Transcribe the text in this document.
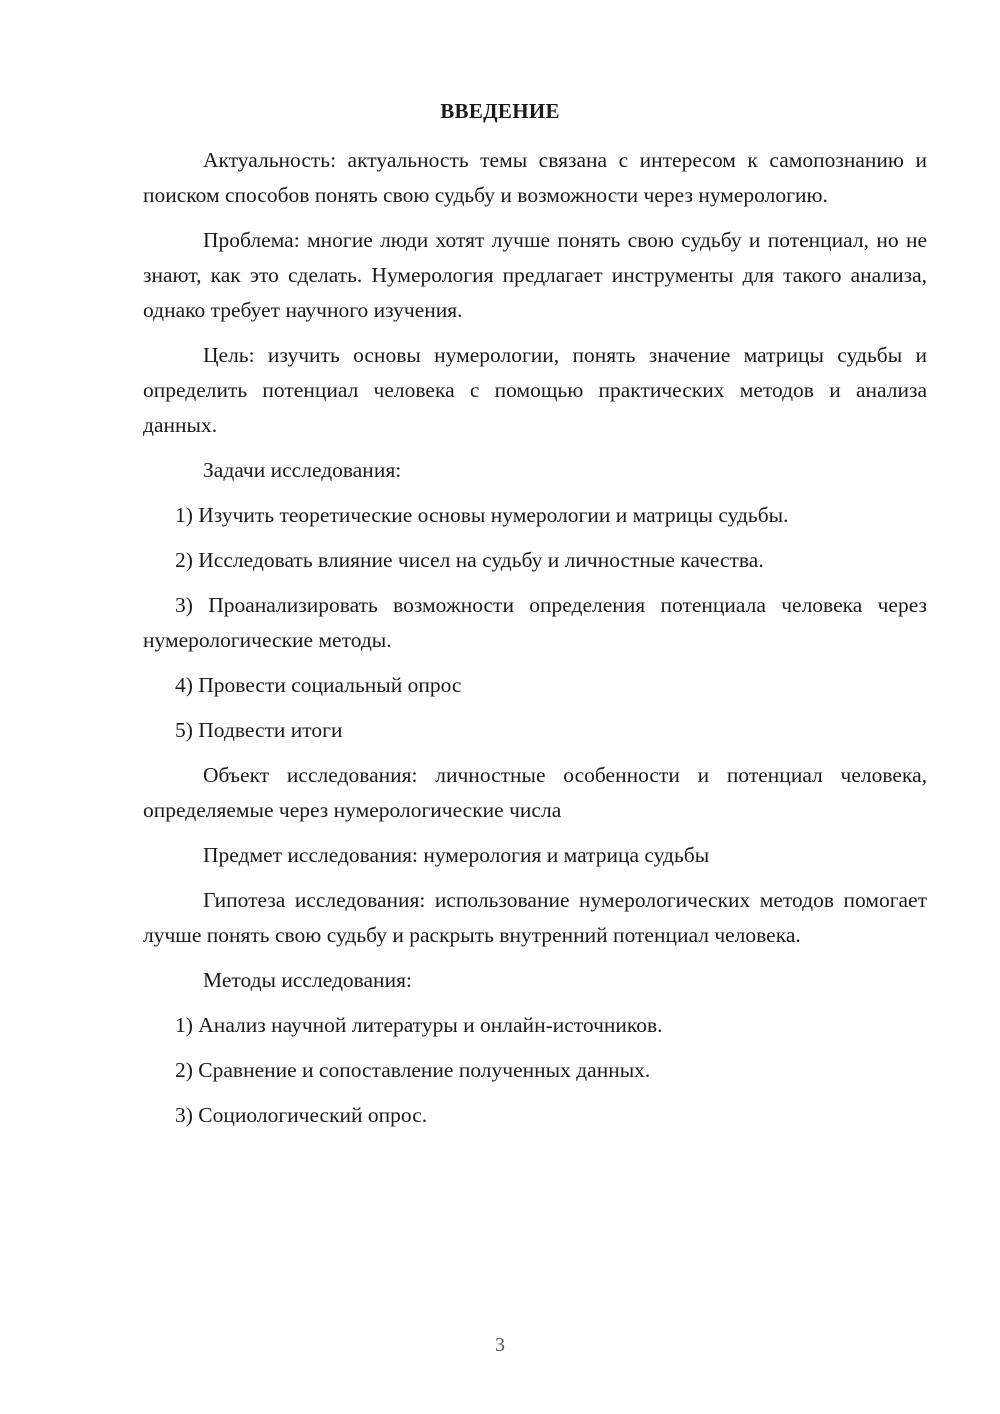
ВВЕДЕНИЕ

Актуальность: актуальность темы связана с интересом к самопознанию и поиском способов понять свою судьбу и возможности через нумерологию.

Проблема: многие люди хотят лучше понять свою судьбу и потенциал, но не знают, как это сделать. Нумерология предлагает инструменты для такого анализа, однако требует научного изучения.

Цель: изучить основы нумерологии, понять значение матрицы судьбы и определить потенциал человека с помощью практических методов и анализа данных.

Задачи исследования:

1) Изучить теоретические основы нумерологии и матрицы судьбы.

2) Исследовать влияние чисел на судьбу и личностные качества.

3) Проанализировать возможности определения потенциала человека через нумерологические методы.

4) Провести социальный опрос

5) Подвести итоги

Объект исследования: личностные особенности и потенциал человека, определяемые через нумерологические числа

Предмет исследования: нумерология и матрица судьбы

Гипотеза исследования: использование нумерологических методов помогает лучше понять свою судьбу и раскрыть внутренний потенциал человека.

Методы исследования:

1) Анализ научной литературы и онлайн-источников.

2) Сравнение и сопоставление полученных данных.

3) Социологический опрос.

3
